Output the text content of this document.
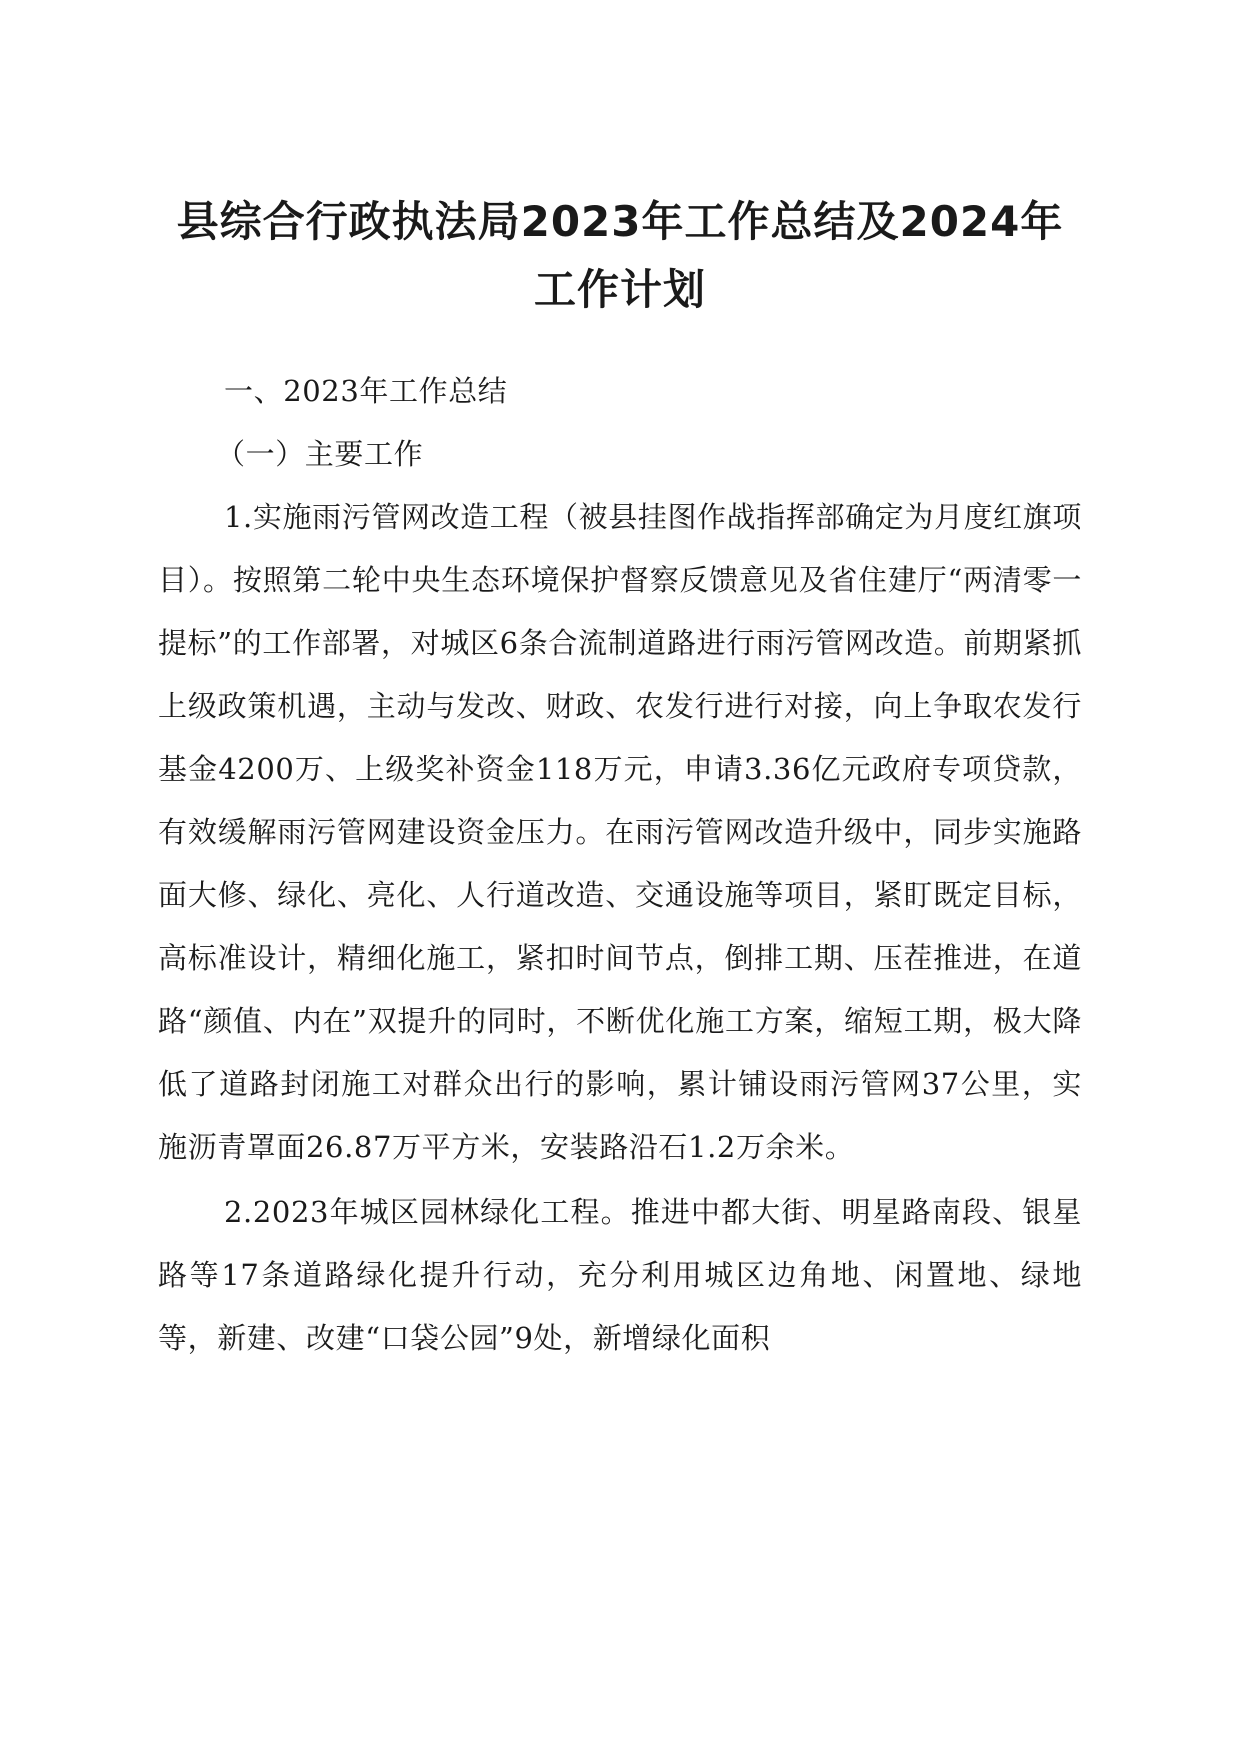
县综合行政执法局2023年工作总结及2024年
工作计划

一、2023年工作总结

（一）主要工作

1.实施雨污管网改造工程（被县挂图作战指挥部确定为月度红旗项目）。按照第二轮中央生态环境保护督察反馈意见及省住建厅“两清零一提标”的工作部署，对城区6条合流制道路进行雨污管网改造。前期紧抓上级政策机遇，主动与发改、财政、农发行进行对接，向上争取农发行基金4200万、上级奖补资金118万元，申请3.36亿元政府专项贷款，有效缓解雨污管网建设资金压力。在雨污管网改造升级中，同步实施路面大修、绿化、亮化、人行道改造、交通设施等项目，紧盯既定目标，高标准设计，精细化施工，紧扣时间节点，倒排工期、压茬推进，在道路“颜值、内在”双提升的同时，不断优化施工方案，缩短工期，极大降低了道路封闭施工对群众出行的影响，累计铺设雨污管网37公里，实施沥青罩面26.87万平方米，安装路沿石1.2万余米。

2.2023年城区园林绿化工程。推进中都大街、明星路南段、银星路等17条道路绿化提升行动，充分利用城区边角地、闲置地、绿地等，新建、改建“口袋公园”9处，新增绿化面积
